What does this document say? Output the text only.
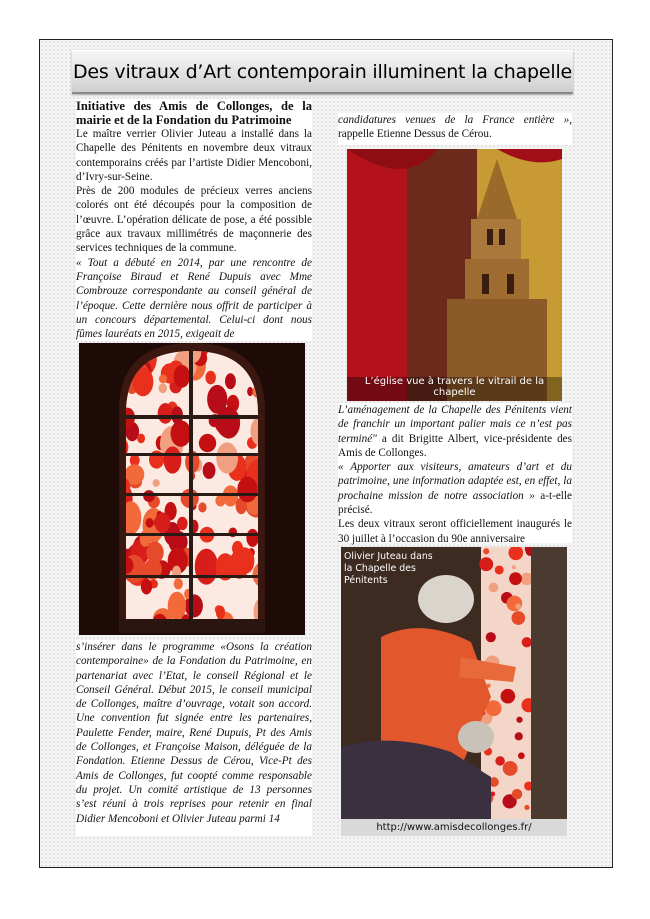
Des vitraux d’Art contemporain illuminent la chapelle
Initiative des Amis de Collonges, de la mairie et de la Fondation du Patrimoine

Le maître verrier Olivier Juteau a installé dans la Chapelle des Pénitents en novembre deux vitraux contemporains créés par l’artiste Didier Mencoboni, d’Ivry-sur-Seine.

Près de 200 modules de précieux verres anciens colorés ont été découpés pour la composition de l’œuvre. L’opération délicate de pose, a été possible grâce aux travaux millimétrés de maçonnerie des services techniques de la commune.

« Tout a débuté en 2014, par une rencontre de Françoise Biraud et René Dupuis avec Mme Combrouze correspondante au conseil général de l’époque. Cette dernière nous offrit de participer à un concours départemental. Celui-ci dont nous fûmes lauréats en 2015, exigeait de

s’insérer dans le programme «Osons la création contemporaine» de la Fondation du Patrimoine, en partenariat avec l’Etat, le conseil Régional et le Conseil Général. Début 2015, le conseil municipal de Collonges, maître d’ouvrage, votait son accord. Une convention fut signée entre les partenaires, Paulette Fender, maire, René Dupuis, Pt des Amis de Collonges, et Françoise Maison, déléguée de la Fondation. Etienne Dessus de Cérou, Vice-Pt des Amis de Collonges, fut coopté comme responsable du projet. Un comité artistique de 13 personnes s’est réuni à trois reprises pour retenir en final Didier Mencoboni et Olivier Juteau parmi 14

candidatures venues de la France entière », rappelle Etienne Dessus de Cérou.

L’église vue à travers le vitrail de la chapelle

L’aménagement de la Chapelle des Pénitents vient de franchir un important palier mais ce n’est pas terminé" a dit Brigitte Albert, vice-présidente des Amis de Collonges.

« Apporter aux visiteurs, amateurs d’art et du patrimoine, une information adaptée est, en effet, la prochaine mission de notre association » a-t-elle précisé.

Les deux vitraux seront officiellement inaugurés le 30 juillet à l’occasion du 90e anniversaire

Olivier Juteau dans la Chapelle des Pénitents
http://www.amisdecollonges.fr/
